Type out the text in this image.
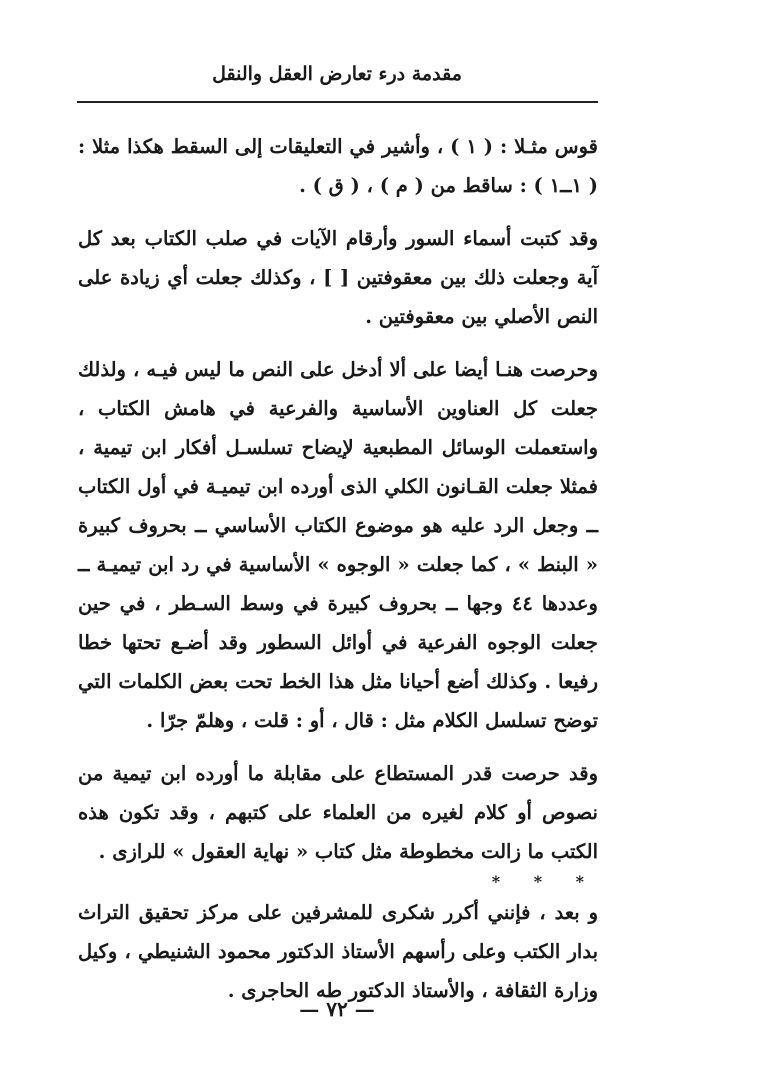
مقدمة درء تعارض العقل والنقل

قوس مثـلا : ( ١ ) ، وأشير في التعليقات إلى السقط هكذا مثلا : ( ١ــ١ ) : ساقط من ( م ) ، ( ق ) .

وقد كتبت أسماء السور وأرقام الآيات في صلب الكتاب بعد كل آية وجعلت ذلك بين معقوفتين [ ] ، وكذلك جعلت أي زيادة على النص الأصلي بين معقوفتين .

وحرصت هنـا أيضا على ألا أدخل على النص ما ليس فيـه ، ولذلك جعلت كل العناوين الأساسية والفرعية في هامش الكتاب ، واستعملت الوسائل المطبعية لإيضاح تسلسـل أفكار ابن تيمية ، فمثلا جعلت القـانون الكلي الذى أورده ابن تيميـة في أول الكتاب ــ وجعل الرد عليه هو موضوع الكتاب الأساسي ــ بحروف كبيرة « البنط » ، كما جعلت « الوجوه » الأساسية في رد ابن تيميـة ــ وعددها ٤٤ وجها ــ بحروف كبيرة في وسط السـطر ، في حين جعلت الوجوه الفرعية في أوائل السطور وقد أضـع تحتها خطا رفيعا . وكذلك أضع أحيانا مثل هذا الخط تحت بعض الكلمات التي توضح تسلسل الكلام مثل : قال ، أو : قلت ، وهلمّ جرّا .

وقد حرصت قدر المستطاع على مقابلة ما أورده ابن تيمية من نصوص أو كلام لغيره من العلماء على كتبهم ، وقد تكون هذه الكتب ما زالت مخطوطة مثل كتاب « نهاية العقول » للرازى .

* * *

و بعد ، فإنني أكرر شكرى للمشرفين على مركز تحقيق التراث بدار الكتب وعلى رأسهم الأستاذ الدكتور محمود الشنيطي ، وكيل وزارة الثقافة ، والأستاذ الدكتور طه الحاجرى .

— ٧٢ —
